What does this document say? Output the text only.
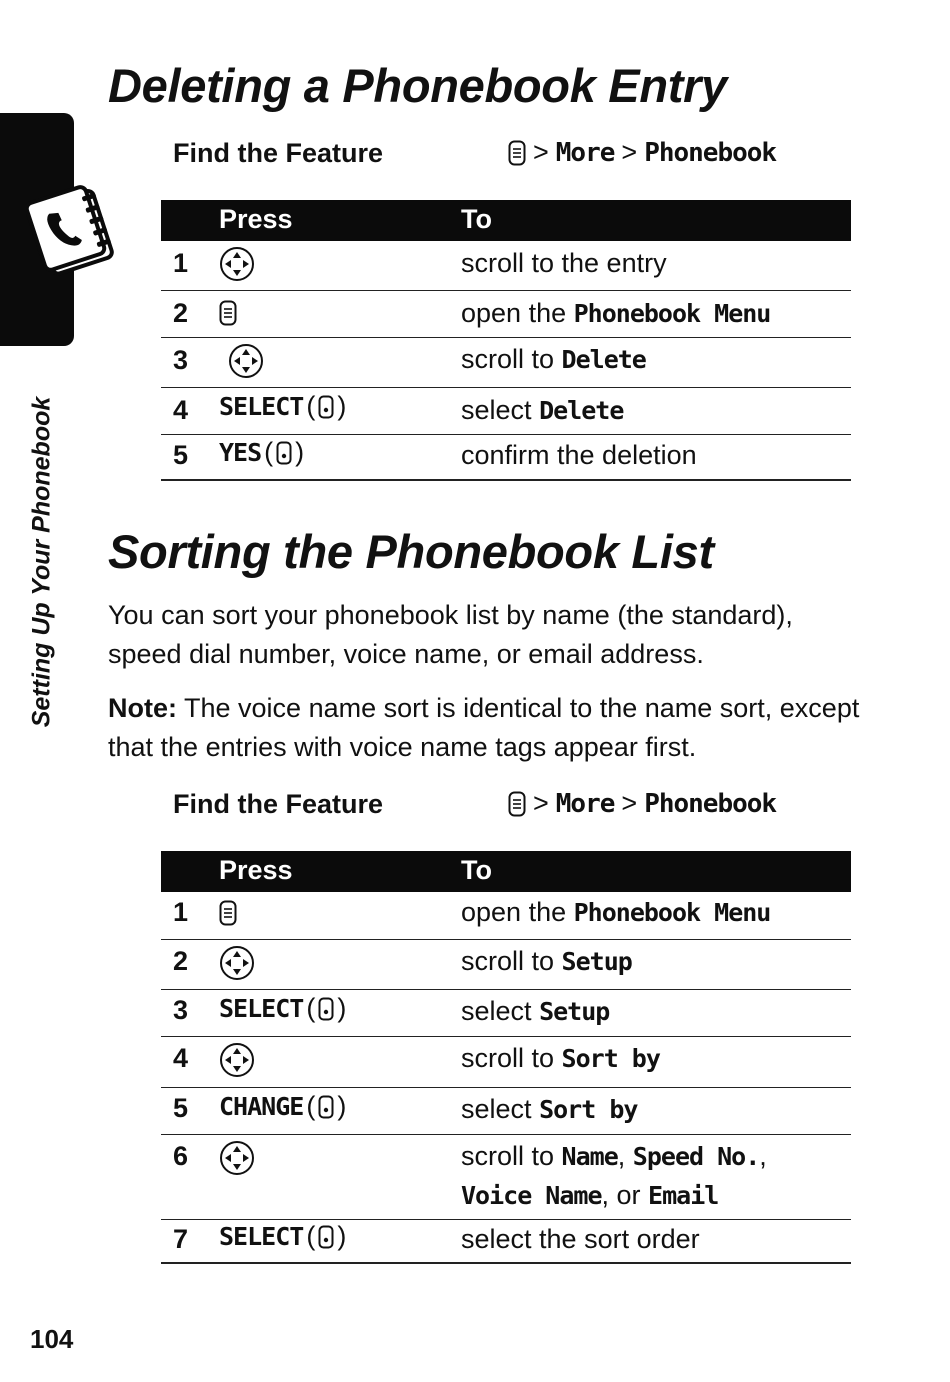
Setting Up Your Phonebook
Deleting a Phonebook Entry
Find the Feature	> More > Phonebook
Press	To
1	scroll to the entry
2	open the Phonebook Menu
3	scroll to Delete
4 SELECT ( )	select Delete
5 YES ( )	confirm the deletion
Sorting the Phonebook List

You can sort your phonebook list by name (the standard), speed dial number, voice name, or email address.

Note: The voice name sort is identical to the name sort, except that the entries with voice name tags appear first.

Find the Feature	> More > Phonebook
Press	To
1	open the Phonebook Menu
2	scroll to Setup
3 SELECT ( )	select Setup
4	scroll to Sort by
5 CHANGE ( )	select Sort by
6	scroll to Name, Speed No.,
Voice Name, or Email
7 SELECT ( )	select the sort order
104
